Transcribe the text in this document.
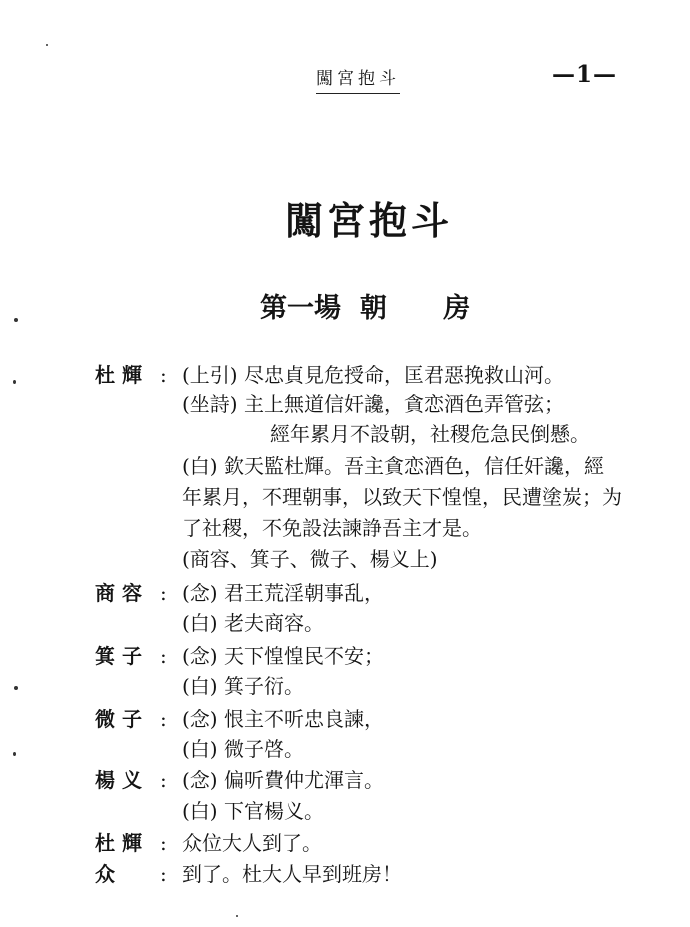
闖宮抱斗	—1—
闖宮抱斗
第一場 朝      房
杜 輝 : (上引) 尽忠貞見危授命，匡君惡挽救山河。
(坐詩) 主上無道信奸讒，貪恋酒色弄管弦；
經年累月不設朝，社稷危急民倒懸。
(白) 欽天監杜輝。吾主貪恋酒色，信任奸讒，經
年累月，不理朝事，以致天下惶惶，民遭塗炭；为
了社稷，不免設法諫諍吾主才是。
(商容、箕子、微子、楊义上)
商 容 : (念) 君王荒淫朝事乱，
(白) 老夫商容。
箕 子 : (念) 天下惶惶民不安；
(白) 箕子衍。
微 子 : (念) 恨主不听忠良諫，
(白) 微子啓。
楊 义 : (念) 偏听費仲尤渾言。
(白) 下官楊义。
杜 輝 : 众位大人到了。
众 : 到了。杜大人早到班房！
